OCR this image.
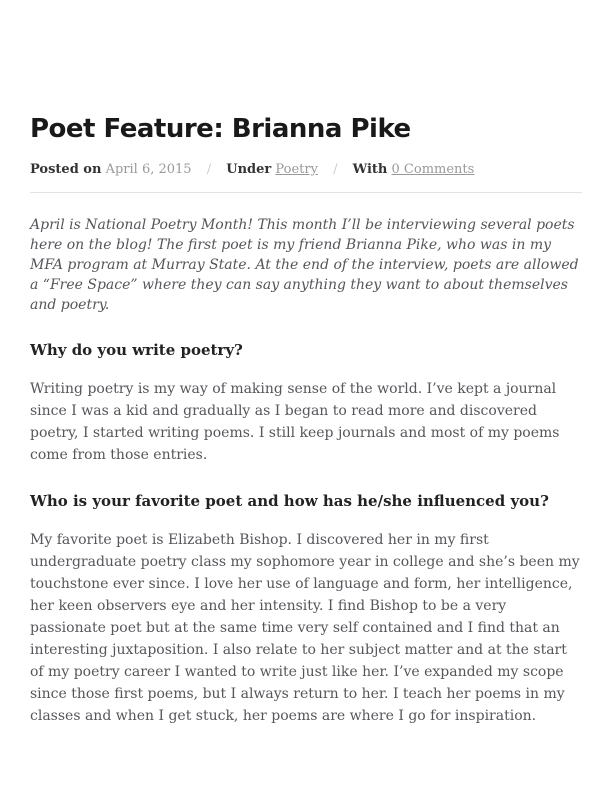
Poet Feature: Brianna Pike
Posted on April 6, 2015 / Under Poetry / With 0 Comments

April is National Poetry Month! This month I’ll be interviewing several poets here on the blog! The first poet is my friend Brianna Pike, who was in my MFA program at Murray State. At the end of the interview, poets are allowed a “Free Space” where they can say anything they want to about themselves and poetry.

Why do you write poetry?

Writing poetry is my way of making sense of the world. I’ve kept a journal since I was a kid and gradually as I began to read more and discovered poetry, I started writing poems. I still keep journals and most of my poems come from those entries.

Who is your favorite poet and how has he/she influenced you?

My favorite poet is Elizabeth Bishop. I discovered her in my first undergraduate poetry class my sophomore year in college and she’s been my touchstone ever since. I love her use of language and form, her intelligence, her keen observers eye and her intensity. I find Bishop to be a very passionate poet but at the same time very self contained and I find that an interesting juxtaposition. I also relate to her subject matter and at the start of my poetry career I wanted to write just like her. I’ve expanded my scope since those first poems, but I always return to her. I teach her poems in my classes and when I get stuck, her poems are where I go for inspiration.
